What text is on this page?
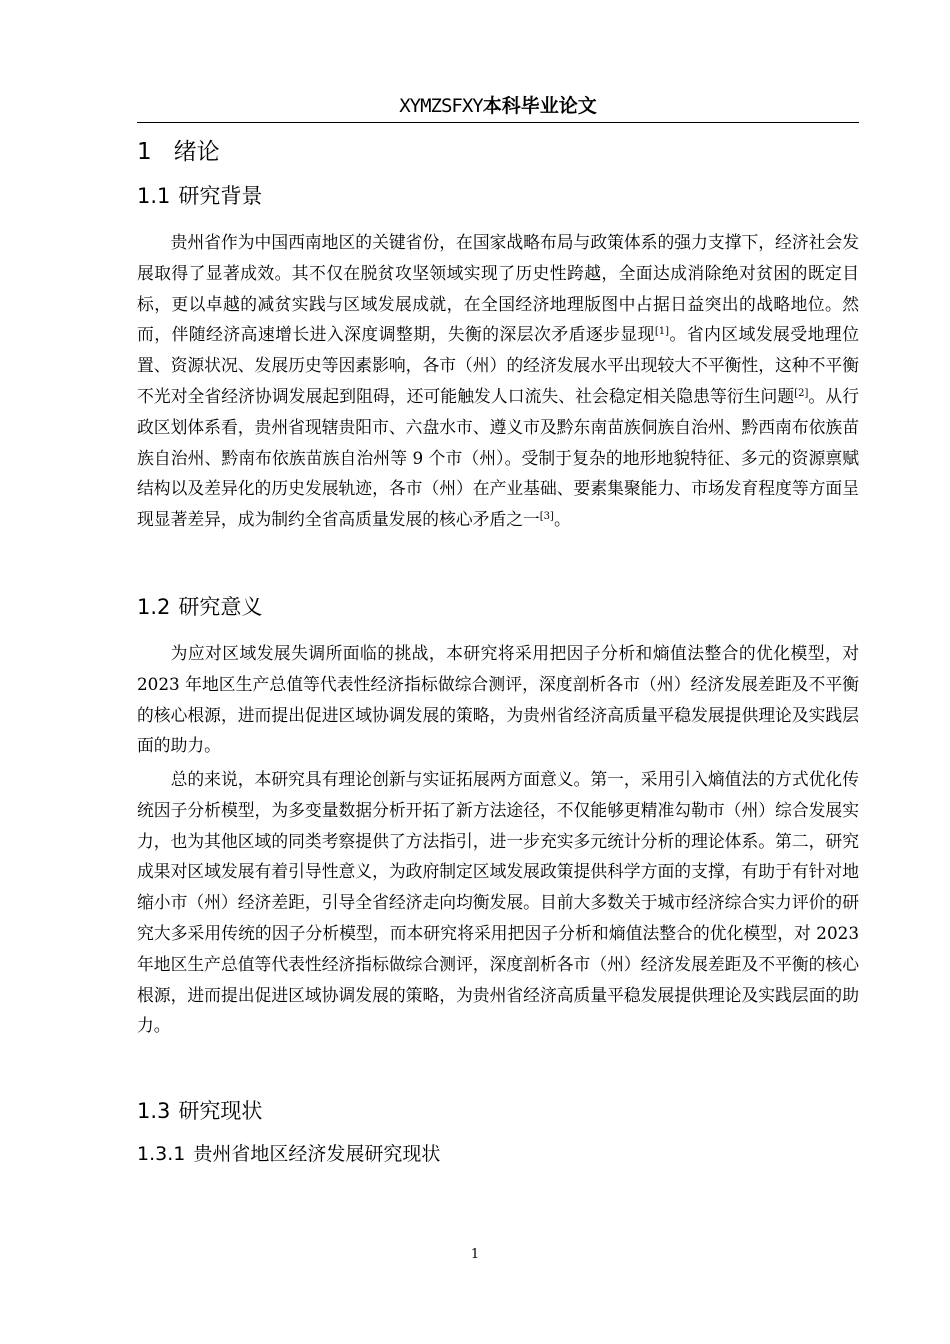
XYMZSFXY本科毕业论文
1 绪论
1.1 研究背景

贵州省作为中国西南地区的关键省份，在国家战略布局与政策体系的强力支撑下，经济社会发展取得了显著成效。其不仅在脱贫攻坚领域实现了历史性跨越，全面达成消除绝对贫困的既定目标，更以卓越的减贫实践与区域发展成就，在全国经济地理版图中占据日益突出的战略地位。然而，伴随经济高速增长进入深度调整期，失衡的深层次矛盾逐步显现[1]。省内区域发展受地理位置、资源状况、发展历史等因素影响，各市（州）的经济发展水平出现较大不平衡性，这种不平衡不光对全省经济协调发展起到阻碍，还可能触发人口流失、社会稳定相关隐患等衍生问题[2]。从行政区划体系看，贵州省现辖贵阳市、六盘水市、遵义市及黔东南苗族侗族自治州、黔西南布依族苗族自治州、黔南布依族苗族自治州等 9 个市（州）。受制于复杂的地形地貌特征、多元的资源禀赋结构以及差异化的历史发展轨迹，各市（州）在产业基础、要素集聚能力、市场发育程度等方面呈现显著差异，成为制约全省高质量发展的核心矛盾之一[3]。

1.2 研究意义

为应对区域发展失调所面临的挑战，本研究将采用把因子分析和熵值法整合的优化模型，对 2023 年地区生产总值等代表性经济指标做综合测评，深度剖析各市（州）经济发展差距及不平衡的核心根源，进而提出促进区域协调发展的策略，为贵州省经济高质量平稳发展提供理论及实践层面的助力。

总的来说，本研究具有理论创新与实证拓展两方面意义。第一，采用引入熵值法的方式优化传统因子分析模型，为多变量数据分析开拓了新方法途径，不仅能够更精准勾勒市（州）综合发展实力，也为其他区域的同类考察提供了方法指引，进一步充实多元统计分析的理论体系。第二，研究成果对区域发展有着引导性意义，为政府制定区域发展政策提供科学方面的支撑，有助于有针对地缩小市（州）经济差距，引导全省经济走向均衡发展。目前大多数关于城市经济综合实力评价的研究大多采用传统的因子分析模型，而本研究将采用把因子分析和熵值法整合的优化模型，对 2023 年地区生产总值等代表性经济指标做综合测评，深度剖析各市（州）经济发展差距及不平衡的核心根源，进而提出促进区域协调发展的策略，为贵州省经济高质量平稳发展提供理论及实践层面的助力。

1.3 研究现状
1.3.1 贵州省地区经济发展研究现状
1
